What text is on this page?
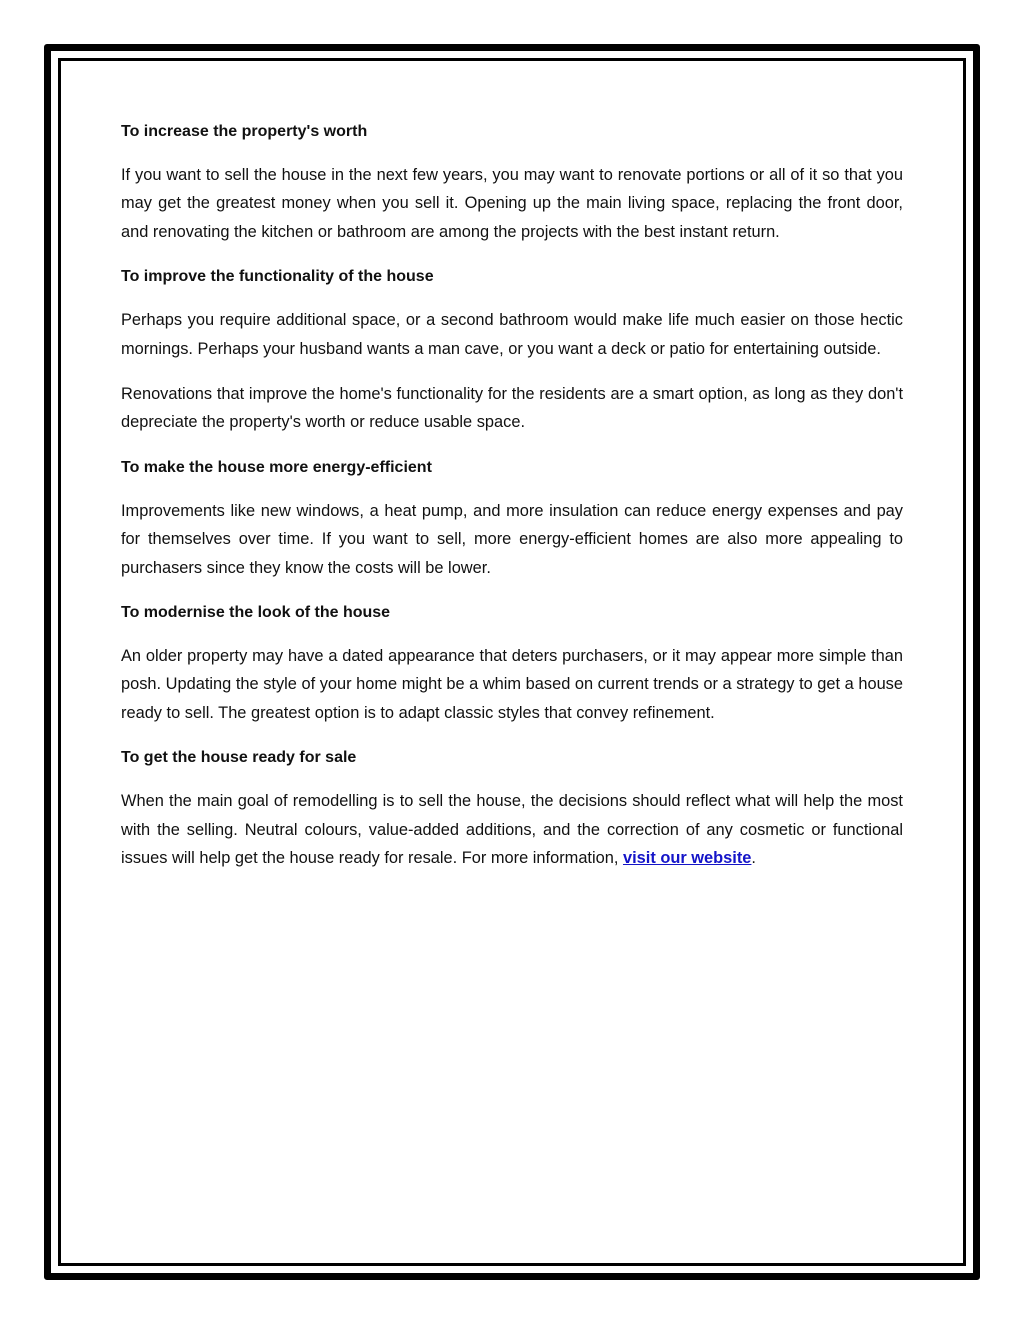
To increase the property's worth

If you want to sell the house in the next few years, you may want to renovate portions or all of it so that you may get the greatest money when you sell it. Opening up the main living space, replacing the front door, and renovating the kitchen or bathroom are among the projects with the best instant return.

To improve the functionality of the house

Perhaps you require additional space, or a second bathroom would make life much easier on those hectic mornings. Perhaps your husband wants a man cave, or you want a deck or patio for entertaining outside.

Renovations that improve the home's functionality for the residents are a smart option, as long as they don't depreciate the property's worth or reduce usable space.

To make the house more energy-efficient

Improvements like new windows, a heat pump, and more insulation can reduce energy expenses and pay for themselves over time. If you want to sell, more energy-efficient homes are also more appealing to purchasers since they know the costs will be lower.

To modernise the look of the house

An older property may have a dated appearance that deters purchasers, or it may appear more simple than posh. Updating the style of your home might be a whim based on current trends or a strategy to get a house ready to sell. The greatest option is to adapt classic styles that convey refinement.

To get the house ready for sale

When the main goal of remodelling is to sell the house, the decisions should reflect what will help the most with the selling. Neutral colours, value-added additions, and the correction of any cosmetic or functional issues will help get the house ready for resale. For more information, visit our website.
